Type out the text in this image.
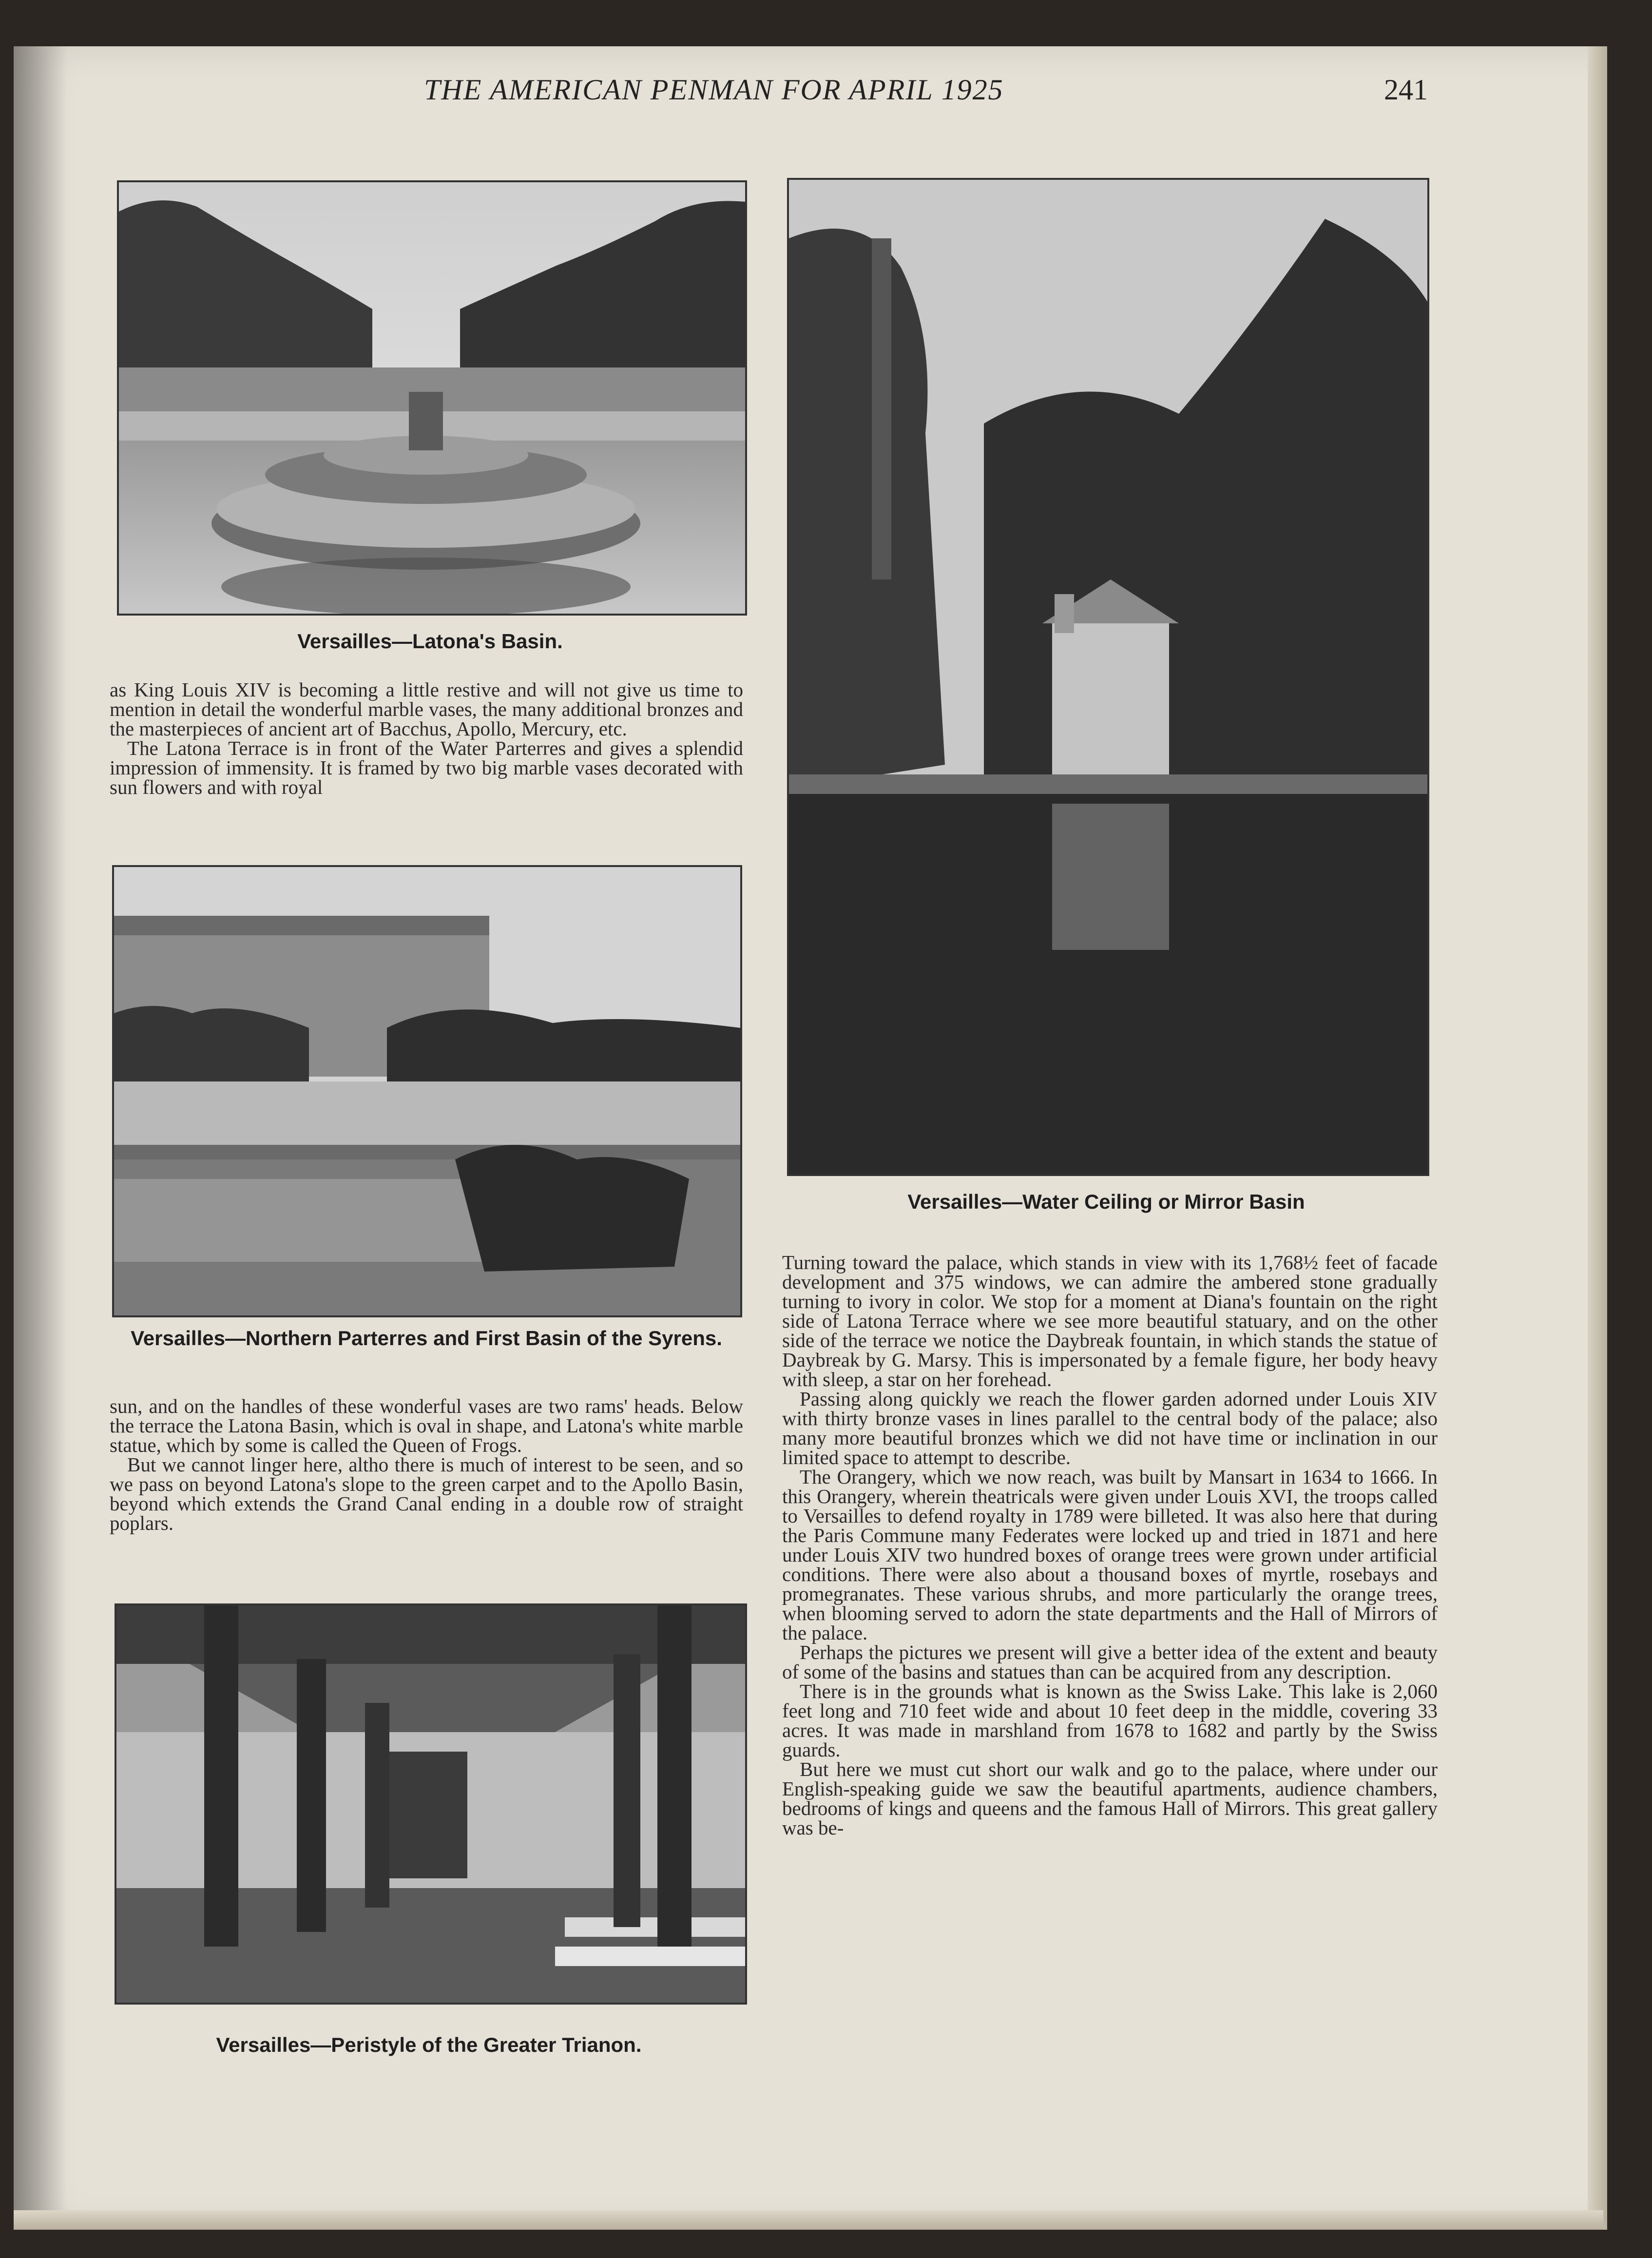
THE AMERICAN PENMAN FOR APRIL 1925	241
Versailles—Latona's Basin.

as King Louis XIV is becoming a little restive and will not give us time to mention in detail the wonderful marble vases, the many additional bronzes and the masterpieces of ancient art of Bacchus, Apollo, Mercury, etc.

The Latona Terrace is in front of the Water Parterres and gives a splendid impression of immensity. It is framed by two big marble vases decorated with sun flowers and with royal

Versailles—Northern Parterres and First Basin of the Syrens.

sun, and on the handles of these wonderful vases are two rams' heads. Below the terrace the Latona Basin, which is oval in shape, and Latona's white marble statue, which by some is called the Queen of Frogs.

But we cannot linger here, altho there is much of interest to be seen, and so we pass on beyond Latona's slope to the green carpet and to the Apollo Basin, beyond which extends the Grand Canal ending in a double row of straight poplars.

Versailles—Peristyle of the Greater Trianon.
Versailles—Water Ceiling or Mirror Basin

Turning toward the palace, which stands in view with its 1,768½ feet of facade development and 375 windows, we can admire the ambered stone gradually turning to ivory in color. We stop for a moment at Diana's fountain on the right side of Latona Terrace where we see more beautiful statuary, and on the other side of the terrace we notice the Daybreak fountain, in which stands the statue of Daybreak by G. Marsy. This is impersonated by a female figure, her body heavy with sleep, a star on her forehead.

Passing along quickly we reach the flower garden adorned under Louis XIV with thirty bronze vases in lines parallel to the central body of the palace; also many more beautiful bronzes which we did not have time or inclination in our limited space to attempt to describe.

The Orangery, which we now reach, was built by Mansart in 1634 to 1666. In this Orangery, wherein theatricals were given under Louis XVI, the troops called to Versailles to defend royalty in 1789 were billeted. It was also here that during the Paris Commune many Federates were locked up and tried in 1871 and here under Louis XIV two hundred boxes of orange trees were grown under artificial conditions. There were also about a thousand boxes of myrtle, rosebays and promegranates. These various shrubs, and more particularly the orange trees, when blooming served to adorn the state departments and the Hall of Mirrors of the palace.

Perhaps the pictures we present will give a better idea of the extent and beauty of some of the basins and statues than can be acquired from any description.

There is in the grounds what is known as the Swiss Lake. This lake is 2,060 feet long and 710 feet wide and about 10 feet deep in the middle, covering 33 acres. It was made in marshland from 1678 to 1682 and partly by the Swiss guards.

But here we must cut short our walk and go to the palace, where under our English-speaking guide we saw the beautiful apartments, audience chambers, bedrooms of kings and queens and the famous Hall of Mirrors. This great gallery was be-
